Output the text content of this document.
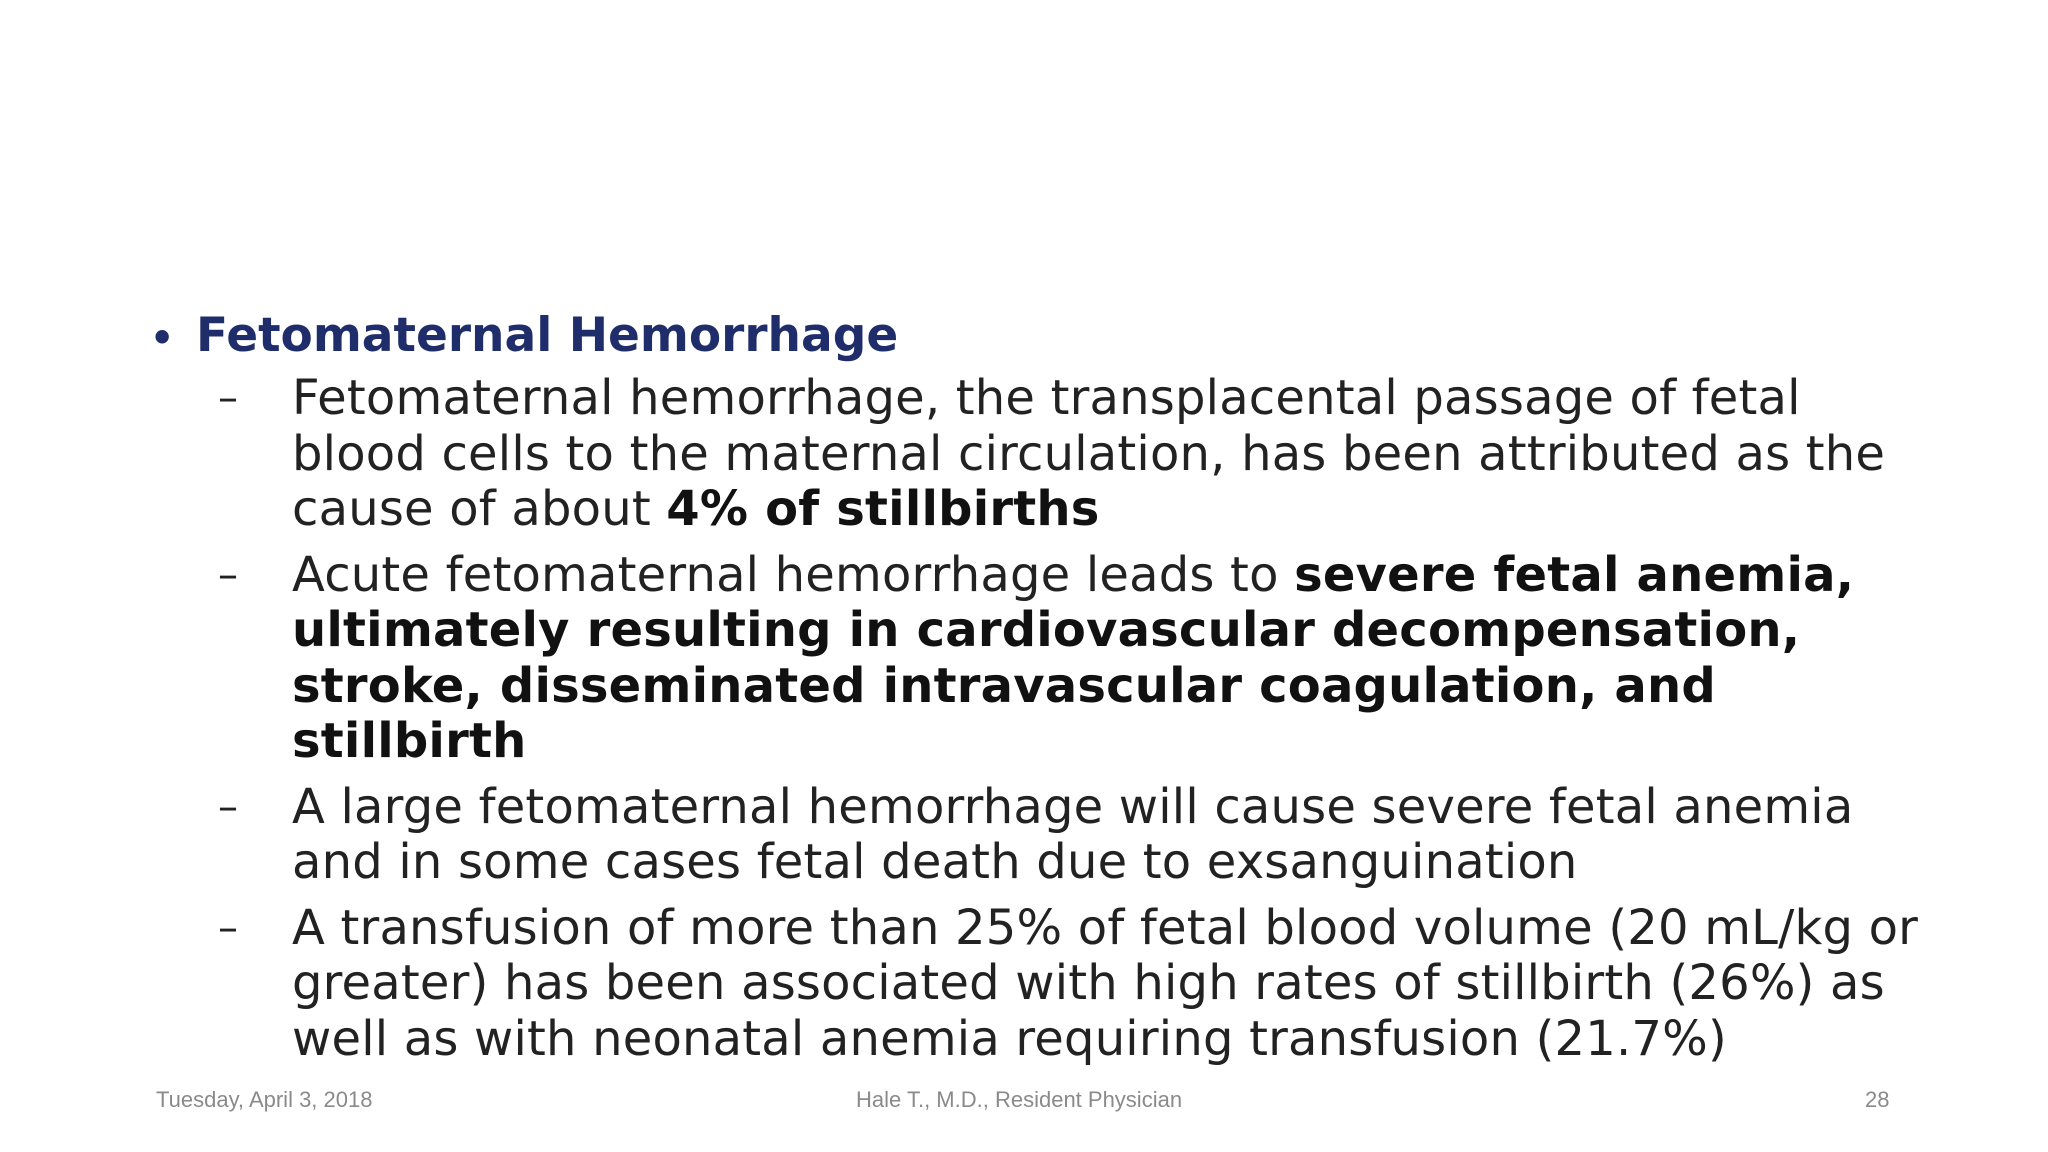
• Fetomaternal Hemorrhage
–	Fetomaternal hemorrhage, the transplacental passage of fetal blood cells to the maternal circulation, has been attributed as the cause of about 4% of stillbirths
–	Acute fetomaternal hemorrhage leads to severe fetal anemia, ultimately resulting in cardiovascular decompensation, stroke, disseminated intravascular coagulation, and stillbirth
–	A large fetomaternal hemorrhage will cause severe fetal anemia and in some cases fetal death due to exsanguination
–	A transfusion of more than 25% of fetal blood volume (20 mL/kg or greater) has been associated with high rates of stillbirth (26%) as well as with neonatal anemia requiring transfusion (21.7%)
Tuesday, April 3, 2018	Hale T., M.D., Resident Physician	28
